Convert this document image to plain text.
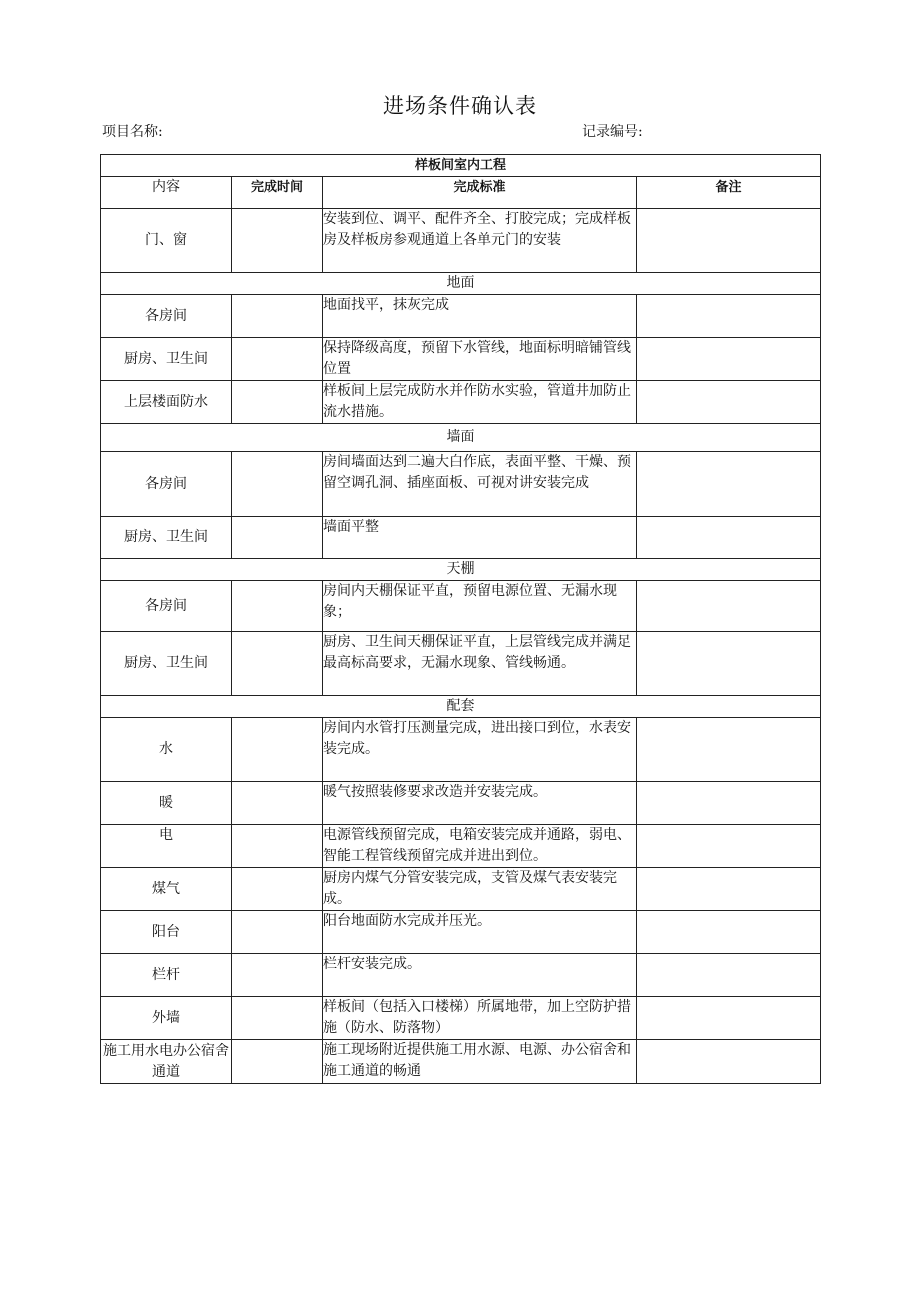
进场条件确认表
项目名称:	记录编号:
样板间室内工程			
内容	完成时间	完成标准	备注
门、窗		安装到位、调平、配件齐全、打胶完成；完成样板房及样板房参观通道上各单元门的安装	
地面			
各房间		地面找平，抹灰完成	
厨房、卫生间		保持降级高度，预留下水管线，地面标明暗铺管线位置	
上层楼面防水		样板间上层完成防水并作防水实验，管道井加防止流水措施。	
墙面			
各房间		房间墙面达到二遍大白作底，表面平整、干燥、预留空调孔洞、插座面板、可视对讲安装完成	
厨房、卫生间		墙面平整	
天棚			
各房间		房间内天棚保证平直，预留电源位置、无漏水现象；	
厨房、卫生间		厨房、卫生间天棚保证平直，上层管线完成并满足最高标高要求，无漏水现象、管线畅通。	
配套			
水		房间内水管打压测量完成，进出接口到位，水表安装完成。	
暖		暖气按照装修要求改造并安装完成。	
电		电源管线预留完成，电箱安装完成并通路，弱电、智能工程管线预留完成并进出到位。	
煤气		厨房内煤气分管安装完成，支管及煤气表安装完成。	
阳台		阳台地面防水完成并压光。	
栏杆		栏杆安装完成。	
外墙		样板间（包括入口楼梯）所属地带，加上空防护措施（防水、防落物）	
施工用水电办公宿舍通道		施工现场附近提供施工用水源、电源、办公宿舍和施工通道的畅通	
